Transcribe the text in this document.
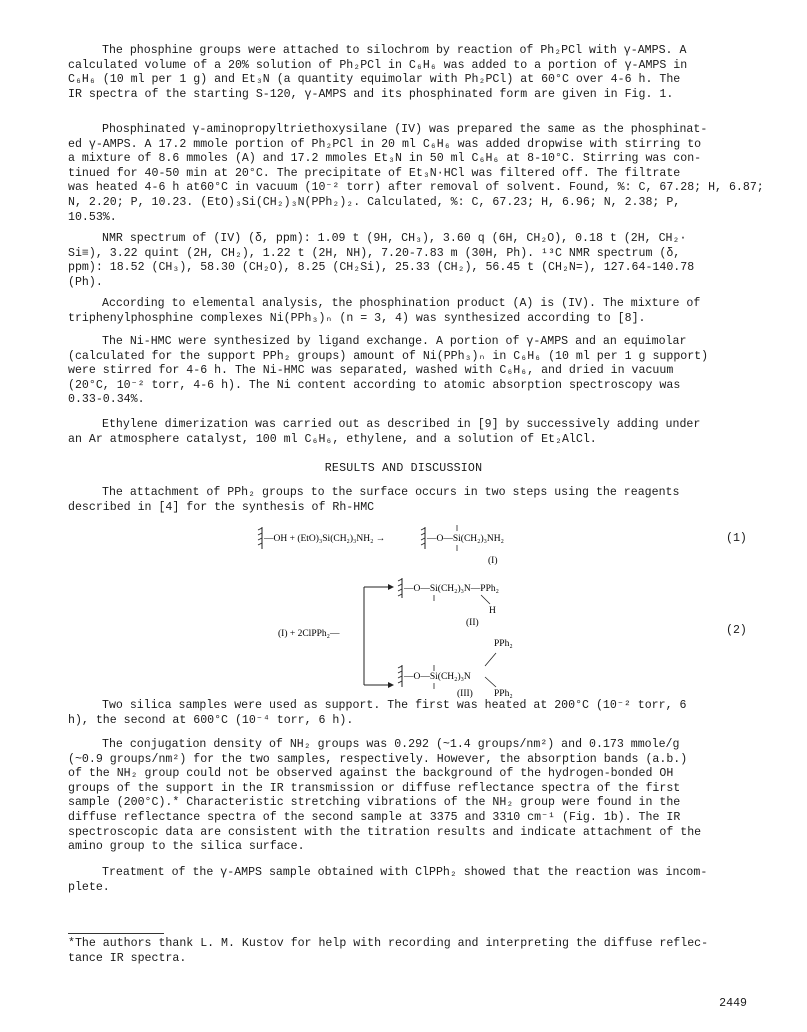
The phosphine groups were attached to silochrom by reaction of Ph₂PCl with γ-AMPS. A
calculated volume of a 20% solution of Ph₂PCl in C₆H₆ was added to a portion of γ-AMPS in
C₆H₆ (10 ml per 1 g) and Et₃N (a quantity equimolar with Ph₂PCl) at 60°C over 4-6 h. The
IR spectra of the starting S-120, γ-AMPS and its phosphinated form are given in Fig. 1.

Phosphinated γ-aminopropyltriethoxysilane (IV) was prepared the same as the phosphinat-
ed γ-AMPS. A 17.2 mmole portion of Ph₂PCl in 20 ml C₆H₆ was added dropwise with stirring to
a mixture of 8.6 mmoles (A) and 17.2 mmoles Et₃N in 50 ml C₆H₆ at 8-10°C. Stirring was con-
tinued for 40-50 min at 20°C. The precipitate of Et₃N·HCl was filtered off. The filtrate
was heated 4-6 h at60°C in vacuum (10⁻² torr) after removal of solvent. Found, %: C, 67.28; H, 6.87;
N, 2.20; P, 10.23. (EtO)₃Si(CH₂)₃N(PPh₂)₂. Calculated, %: C, 67.23; H, 6.96; N, 2.38; P,
10.53%.

NMR spectrum of (IV) (δ, ppm): 1.09 t (9H, CH₃), 3.60 q (6H, CH₂O), 0.18 t (2H, CH₂·
Si≡), 3.22 quint (2H, CH₂), 1.22 t (2H, NH), 7.20-7.83 m (30H, Ph). ¹³C NMR spectrum (δ,
ppm): 18.52 (CH₃), 58.30 (CH₂O), 8.25 (CH₂Si), 25.33 (CH₂), 56.45 t (CH₂N=), 127.64-140.78
(Ph).

According to elemental analysis, the phosphination product (A) is (IV). The mixture of
triphenylphosphine complexes Ni(PPh₃)ₙ (n = 3, 4) was synthesized according to [8].

The Ni-HMC were synthesized by ligand exchange. A portion of γ-AMPS and an equimolar
(calculated for the support PPh₂ groups) amount of Ni(PPh₃)ₙ in C₆H₆ (10 ml per 1 g support)
were stirred for 4-6 h. The Ni-HMC was separated, washed with C₆H₆, and dried in vacuum
(20°C, 10⁻² torr, 4-6 h). The Ni content according to atomic absorption spectroscopy was
0.33-0.34%.

Ethylene dimerization was carried out as described in [9] by successively adding under
an Ar atmosphere catalyst, 100 ml C₆H₆, ethylene, and a solution of Et₂AlCl.

RESULTS AND DISCUSSION

The attachment of PPh₂ groups to the surface occurs in two steps using the reagents
described in [4] for the synthesis of Rh-HMC

—OH + (EtO)₃Si(CH₂)₃NH₂ →	—O—Si(CH₂)₃NH₂
(I)
(1)
(I) + 2ClPPh₂—
—O—Si(CH₂)₃N—PPh₂
H
(II)
PPh₂
—O—Si(CH₂)₃N
PPh₂
(2)
(III)

Two silica samples were used as support. The first was heated at 200°C (10⁻² torr, 6
h), the second at 600°C (10⁻⁴ torr, 6 h).

The conjugation density of NH₂ groups was 0.292 (~1.4 groups/nm²) and 0.173 mmole/g
(~0.9 groups/nm²) for the two samples, respectively. However, the absorption bands (a.b.)
of the NH₂ group could not be observed against the background of the hydrogen-bonded OH
groups of the support in the IR transmission or diffuse reflectance spectra of the first
sample (200°C).* Characteristic stretching vibrations of the NH₂ group were found in the
diffuse reflectance spectra of the second sample at 3375 and 3310 cm⁻¹ (Fig. 1b). The IR
spectroscopic data are consistent with the titration results and indicate attachment of the
amino group to the silica surface.

Treatment of the γ-AMPS sample obtained with ClPPh₂ showed that the reaction was incom-
plete.

*The authors thank L. M. Kustov for help with recording and interpreting the diffuse reflec-
tance IR spectra.

2449
